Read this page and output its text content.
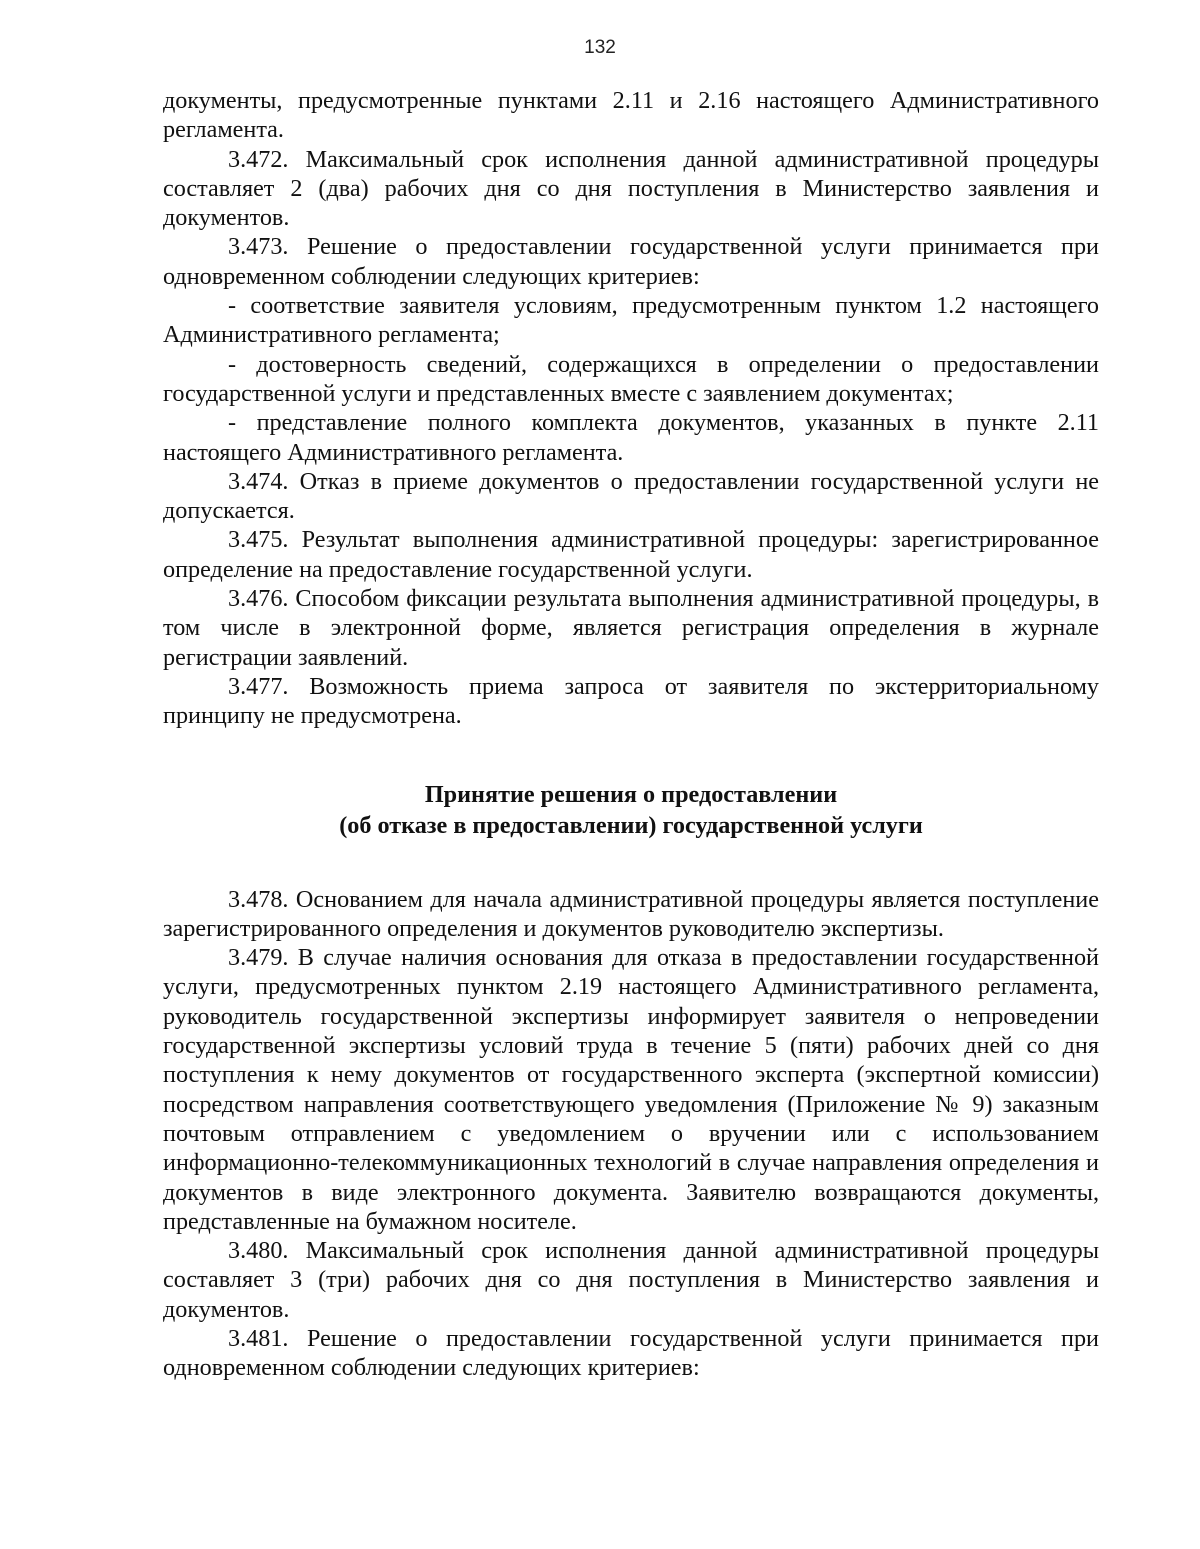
132

документы, предусмотренные пунктами 2.11 и 2.16 настоящего Административного регламента.

3.472. Максимальный срок исполнения данной административной процедуры составляет 2 (два) рабочих дня со дня поступления в Министерство заявления и документов.

3.473. Решение о предоставлении государственной услуги принимается при одновременном соблюдении следующих критериев:

- соответствие заявителя условиям, предусмотренным пунктом 1.2 настоящего Административного регламента;

- достоверность сведений, содержащихся в определении о предоставлении государственной услуги и представленных вместе с заявлением документах;

- представление полного комплекта документов, указанных в пункте 2.11 настоящего Административного регламента.

3.474. Отказ в приеме документов о предоставлении государственной услуги не допускается.

3.475. Результат выполнения административной процедуры: зарегистрированное определение на предоставление государственной услуги.

3.476. Способом фиксации результата выполнения административной процедуры, в том числе в электронной форме, является регистрация определения в журнале регистрации заявлений.

3.477. Возможность приема запроса от заявителя по экстерриториальному принципу не предусмотрена.

Принятие решения о предоставлении
(об отказе в предоставлении) государственной услуги

3.478. Основанием для начала административной процедуры является поступление зарегистрированного определения и документов руководителю экспертизы.

3.479. В случае наличия основания для отказа в предоставлении государственной услуги, предусмотренных пунктом 2.19 настоящего Административного регламента, руководитель государственной экспертизы информирует заявителя о непроведении государственной экспертизы условий труда в течение 5 (пяти) рабочих дней со дня поступления к нему документов от государственного эксперта (экспертной комиссии) посредством направления соответствующего уведомления (Приложение № 9) заказным почтовым отправлением с уведомлением о вручении или с использованием информационно-телекоммуникационных технологий в случае направления определения и документов в виде электронного документа. Заявителю возвращаются документы, представленные на бумажном носителе.

3.480. Максимальный срок исполнения данной административной процедуры составляет 3 (три) рабочих дня со дня поступления в Министерство заявления и документов.

3.481. Решение о предоставлении государственной услуги принимается при одновременном соблюдении следующих критериев:
